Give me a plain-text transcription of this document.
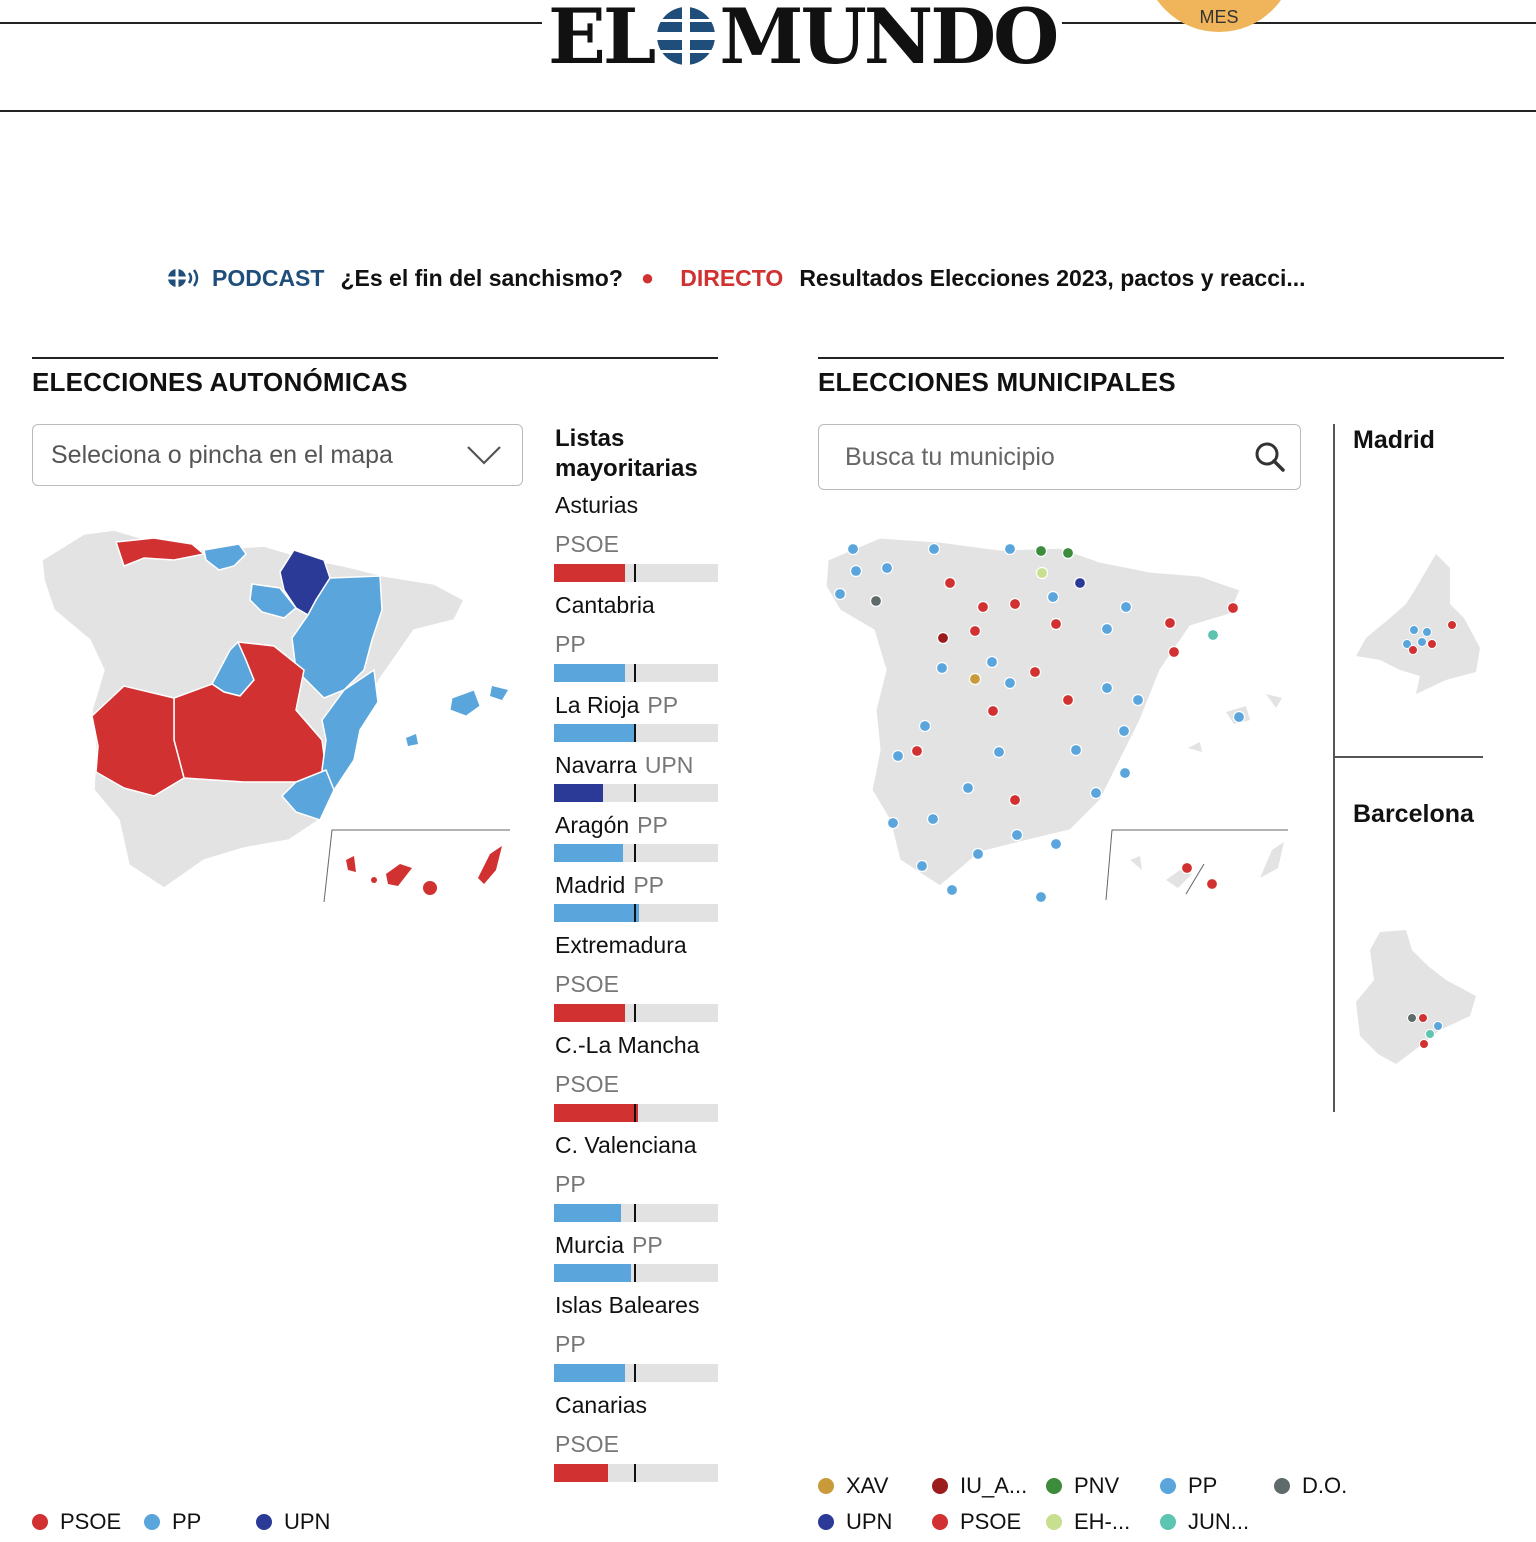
EL MUNDO	MES
PODCAST ¿Es el fin del sanchismo? ● DIRECTO Resultados Elecciones 2023, pactos y reacci...
ELECCIONES AUTONÓMICAS
Seleciona o pincha en el mapa
Listas mayoritarias
Asturias
PSOE
Cantabria
PP
La Rioja PP
Navarra UPN
Aragón PP
Madrid PP
Extremadura
PSOE
C.-La Mancha
PSOE
C. Valenciana
PP
Murcia PP
Islas Baleares
PP
Canarias
PSOE
PSOE PP	UPN
ELECCIONES MUNICIPALES
Busca tu municipio
Madrid
Barcelona
XAV	IU_A... PNV	PP	D.O.
UPN	PSOE EH-...	JUN...
